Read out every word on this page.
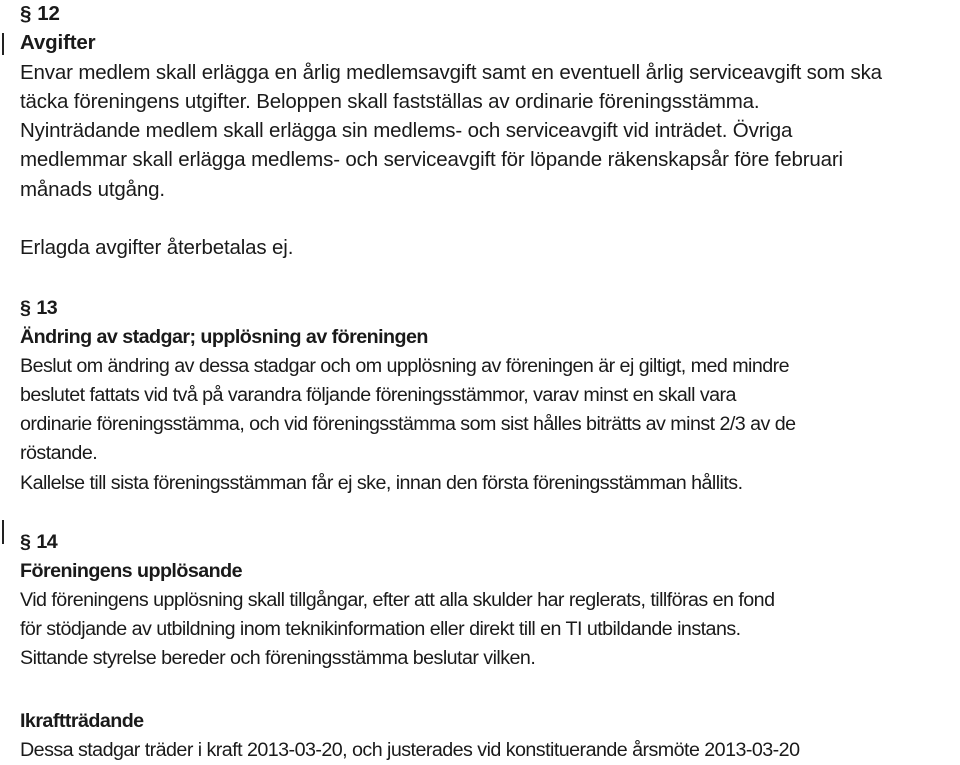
§ 12
Avgifter
Envar medlem skall erlägga en årlig medlemsavgift samt en eventuell årlig serviceavgift som ska
täcka föreningens utgifter. Beloppen skall fastställas av ordinarie föreningsstämma.
Nyinträdande medlem skall erlägga sin medlems- och serviceavgift vid inträdet. Övriga
medlemmar skall erlägga medlems- och serviceavgift för löpande räkenskapsår före februari
månads utgång.
Erlagda avgifter återbetalas ej.
§ 13
Ändring av stadgar; upplösning av föreningen
Beslut om ändring av dessa stadgar och om upplösning av föreningen är ej giltigt, med mindre
beslutet fattats vid två på varandra följande föreningsstämmor, varav minst en skall vara
ordinarie föreningsstämma, och vid föreningsstämma som sist hålles biträtts av minst 2/3 av de
röstande.
Kallelse till sista föreningsstämman får ej ske, innan den första föreningsstämman hållits.
§ 14
Föreningens upplösande
Vid föreningens upplösning skall tillgångar, efter att alla skulder har reglerats, tillföras en fond
för stödjande av utbildning inom teknikinformation eller direkt till en TI utbildande instans.
Sittande styrelse bereder och föreningsstämma beslutar vilken.
Ikraftträdande
Dessa stadgar träder i kraft 2013-03-20, och justerades vid konstituerande årsmöte 2013-03-20
